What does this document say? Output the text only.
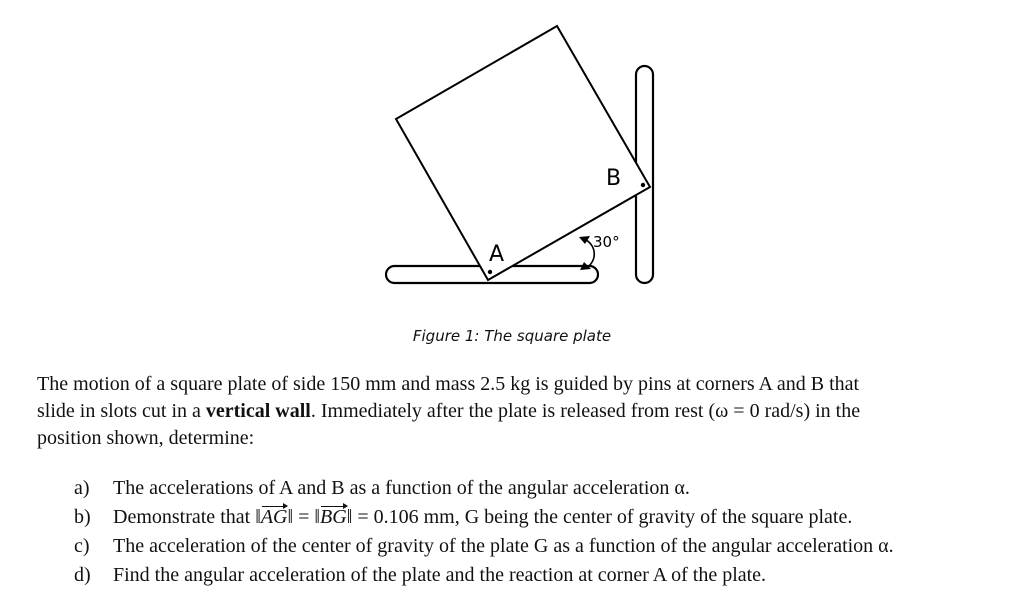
A
B
30°
Figure 1: The square plate
The motion of a square plate of side 150 mm and mass 2.5 kg is guided by pins at corners A and B that
slide in slots cut in a vertical wall. Immediately after the plate is released from rest (ω = 0 rad/s) in the
position shown, determine:
a)	The accelerations of A and B as a function of the angular acceleration α.
b)	Demonstrate that ‖AG‖ = ‖BG‖ = 0.106 mm, G being the center of gravity of the square plate.
c)	The acceleration of the center of gravity of the plate G as a function of the angular acceleration α.
d)	Find the angular acceleration of the plate and the reaction at corner A of the plate.
